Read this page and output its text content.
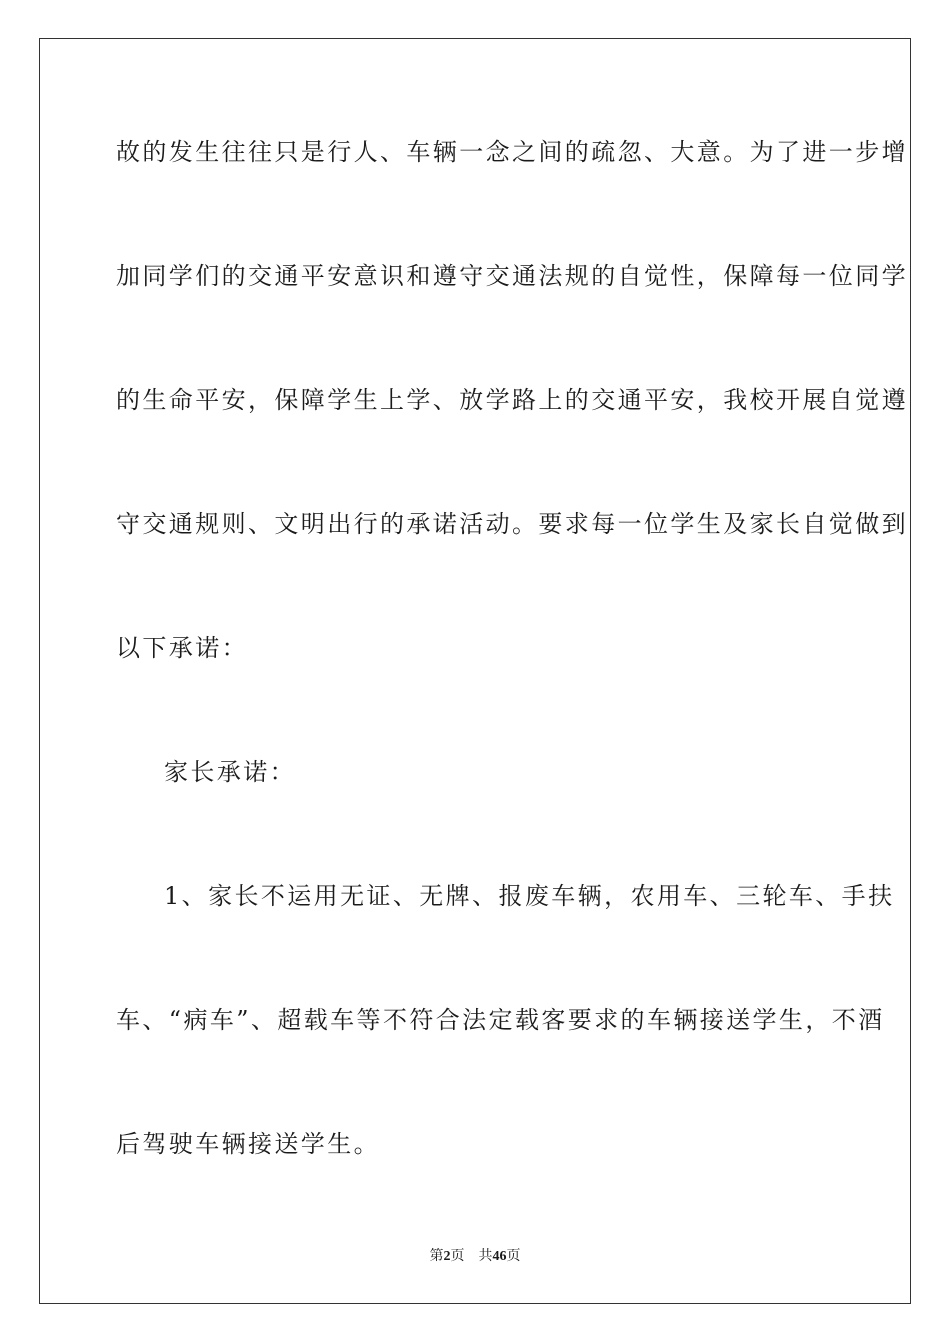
故的发生往往只是行人、车辆一念之间的疏忽、大意。为了进一步增
加同学们的交通平安意识和遵守交通法规的自觉性，保障每一位同学
的生命平安，保障学生上学、放学路上的交通平安，我校开展自觉遵
守交通规则、文明出行的承诺活动。要求每一位学生及家长自觉做到
以下承诺：
家长承诺：
1、家长不运用无证、无牌、报废车辆，农用车、三轮车、手扶
车、“病车”、超载车等不符合法定载客要求的车辆接送学生，不酒
后驾驶车辆接送学生。
第2页 共46页
